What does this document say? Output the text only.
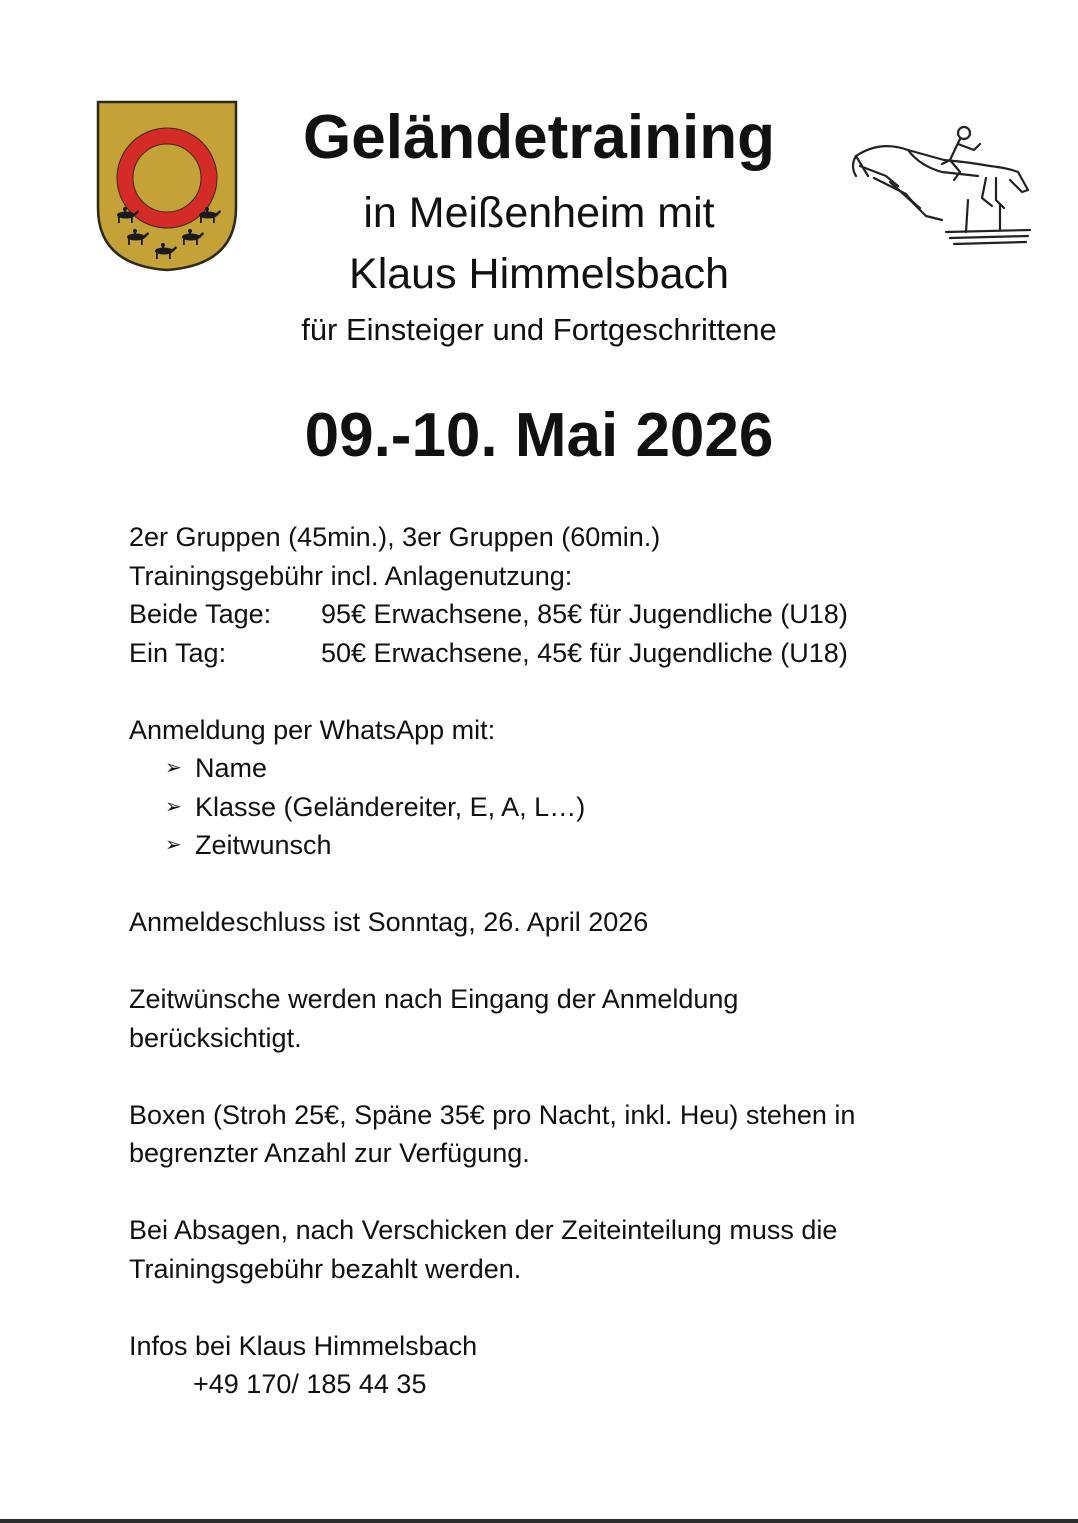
Geländetraining
in Meißenheim mit
Klaus Himmelsbach
für Einsteiger und Fortgeschrittene
09.-10. Mai 2026
2er Gruppen (45min.), 3er Gruppen (60min.)
Trainingsgebühr incl. Anlagenutzung:
Beide Tage:	95€ Erwachsene, 85€ für Jugendliche (U18)
Ein Tag:	50€ Erwachsene, 45€ für Jugendliche (U18)
Anmeldung per WhatsApp mit:
➢ Name
➢ Klasse (Geländereiter, E, A, L…)
➢ Zeitwunsch
Anmeldeschluss ist Sonntag, 26. April 2026
Zeitwünsche werden nach Eingang der Anmeldung
berücksichtigt.
Boxen (Stroh 25€, Späne 35€ pro Nacht, inkl. Heu) stehen in
begrenzter Anzahl zur Verfügung.
Bei Absagen, nach Verschicken der Zeiteinteilung muss die
Trainingsgebühr bezahlt werden.
Infos bei Klaus Himmelsbach
+49 170/ 185 44 35
